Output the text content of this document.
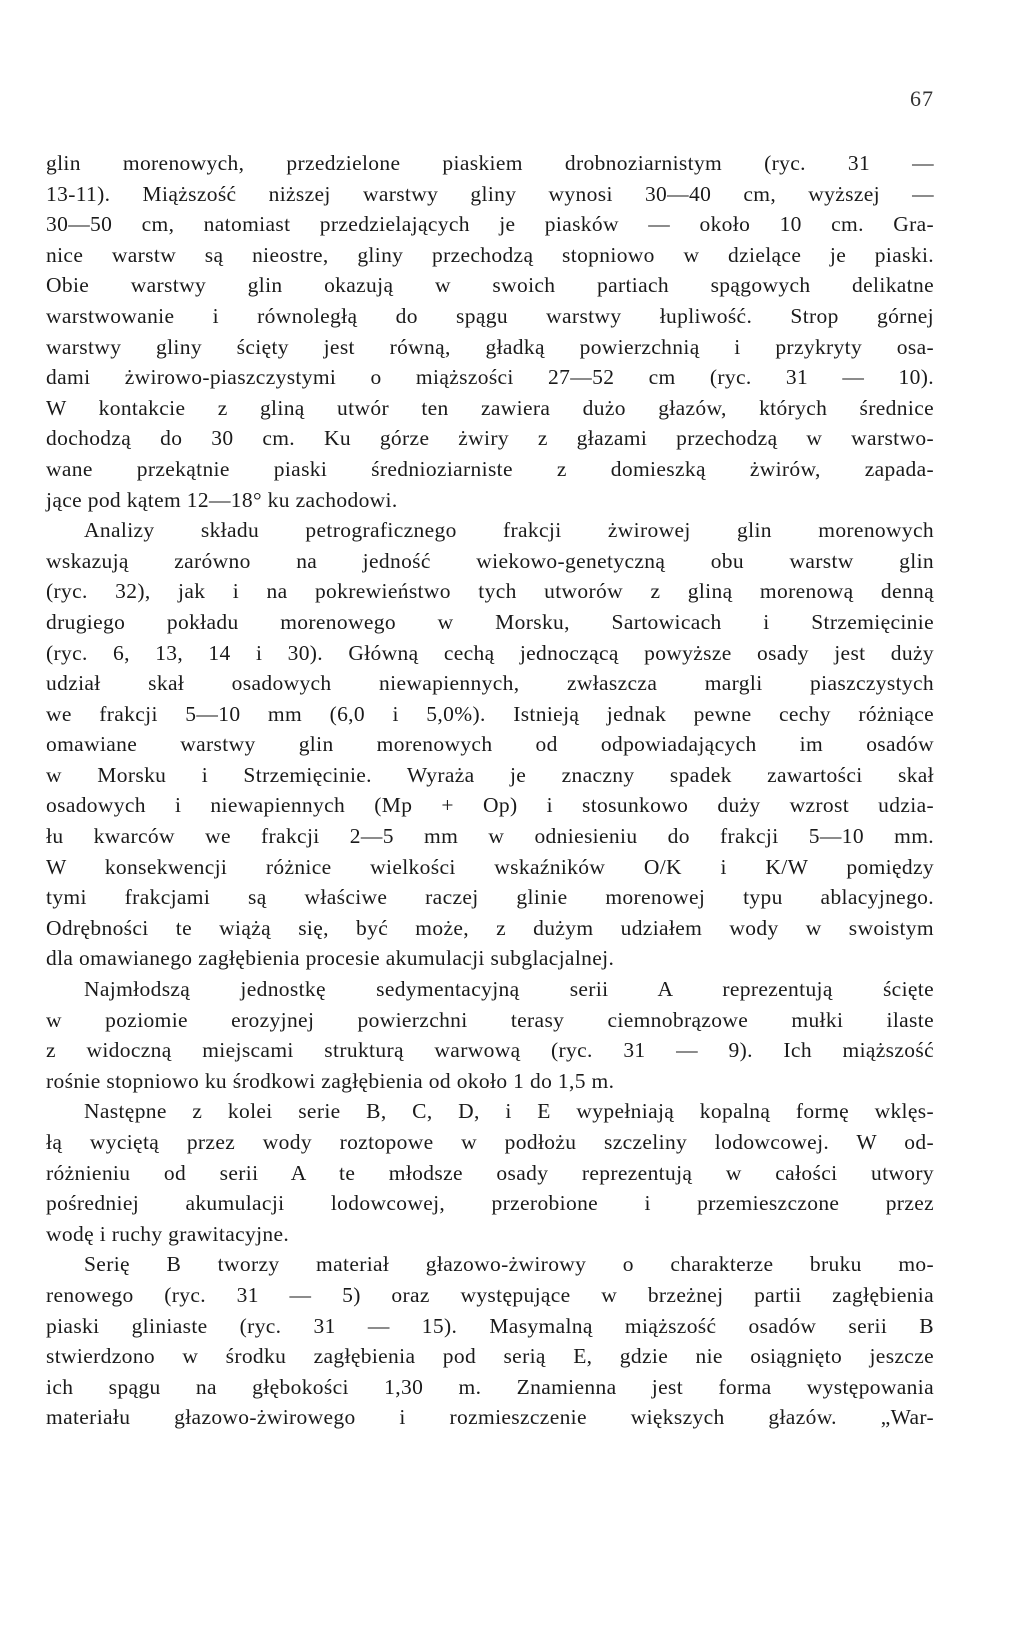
67
glin morenowych, przedzielone piaskiem drobnoziarnistym (ryc. 31 —
13-11). Miąższość niższej warstwy gliny wynosi 30—40 cm, wyższej —
30—50 cm, natomiast przedzielających je piasków — około 10 cm. Gra-
nice warstw są nieostre, gliny przechodzą stopniowo w dzielące je piaski.
Obie warstwy glin okazują w swoich partiach spągowych delikatne
warstwowanie i równoległą do spągu warstwy łupliwość. Strop górnej
warstwy gliny ścięty jest równą, gładką powierzchnią i przykryty osa-
dami żwirowo-piaszczystymi o miąższości 27—52 cm (ryc. 31 — 10).
W kontakcie z gliną utwór ten zawiera dużo głazów, których średnice
dochodzą do 30 cm. Ku górze żwiry z głazami przechodzą w warstwo-
wane przekątnie piaski średnioziarniste z domieszką żwirów, zapada-
jące pod kątem 12—18° ku zachodowi.
Analizy składu petrograficznego frakcji żwirowej glin morenowych
wskazują zarówno na jedność wiekowo-genetyczną obu warstw glin
(ryc. 32), jak i na pokrewieństwo tych utworów z gliną morenową denną
drugiego pokładu morenowego w Morsku, Sartowicach i Strzemięcinie
(ryc. 6, 13, 14 i 30). Główną cechą jednoczącą powyższe osady jest duży
udział skał osadowych niewapiennych, zwłaszcza margli piaszczystych
we frakcji 5—10 mm (6,0 i 5,0%). Istnieją jednak pewne cechy różniące
omawiane warstwy glin morenowych od odpowiadających im osadów
w Morsku i Strzemięcinie. Wyraża je znaczny spadek zawartości skał
osadowych i niewapiennych (Mp + Op) i stosunkowo duży wzrost udzia-
łu kwarców we frakcji 2—5 mm w odniesieniu do frakcji 5—10 mm.
W konsekwencji różnice wielkości wskaźników O/K i K/W pomiędzy
tymi frakcjami są właściwe raczej glinie morenowej typu ablacyjnego.
Odrębności te wiążą się, być może, z dużym udziałem wody w swoistym
dla omawianego zagłębienia procesie akumulacji subglacjalnej.
Najmłodszą jednostkę sedymentacyjną serii A reprezentują ścięte
w poziomie erozyjnej powierzchni terasy ciemnobrązowe mułki ilaste
z widoczną miejscami strukturą warwową (ryc. 31 — 9). Ich miąższość
rośnie stopniowo ku środkowi zagłębienia od około 1 do 1,5 m.
Następne z kolei serie B, C, D, i E wypełniają kopalną formę wklęs-
łą wyciętą przez wody roztopowe w podłożu szczeliny lodowcowej. W od-
różnieniu od serii A te młodsze osady reprezentują w całości utwory
pośredniej akumulacji lodowcowej, przerobione i przemieszczone przez
wodę i ruchy grawitacyjne.
Serię B tworzy materiał głazowo-żwirowy o charakterze bruku mo-
renowego (ryc. 31 — 5) oraz występujące w brzeżnej partii zagłębienia
piaski gliniaste (ryc. 31 — 15). Masymalną miąższość osadów serii B
stwierdzono w środku zagłębienia pod serią E, gdzie nie osiągnięto jeszcze
ich spągu na głębokości 1,30 m. Znamienna jest forma występowania
materiału głazowo-żwirowego i rozmieszczenie większych głazów. „War-
